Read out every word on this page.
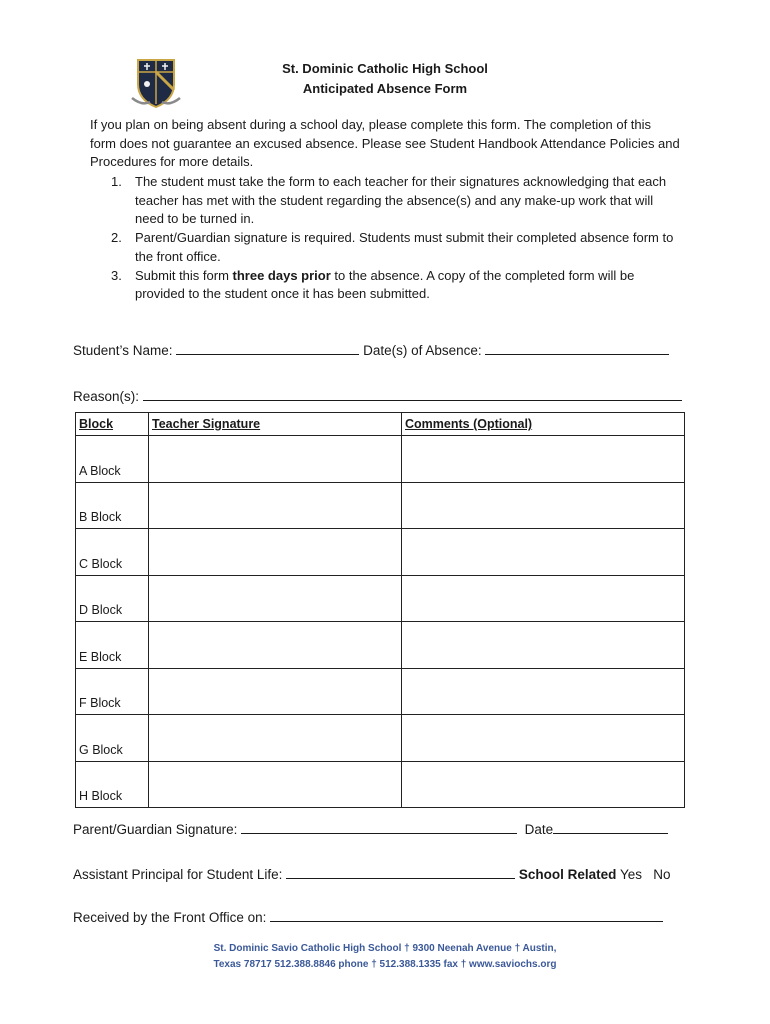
St. Dominic Catholic High School
Anticipated Absence Form

If you plan on being absent during a school day, please complete this form. The completion of this form does not guarantee an excused absence. Please see Student Handbook Attendance Policies and Procedures for more details.

1. The student must take the form to each teacher for their signatures acknowledging that each teacher has met with the student regarding the absence(s) and any make-up work that will need to be turned in.
2. Parent/Guardian signature is required. Students must submit their completed absence form to the front office.
3. Submit this form three days prior to the absence. A copy of the completed form will be provided to the student once it has been submitted.
Student’s Name:	Date(s) of Absence:
Reason(s):
Block	Teacher Signature	Comments (Optional)
A Block		
B Block		
C Block		
D Block		
E Block		
F Block		
G Block		
H Block		
Parent/Guardian Signature:	Date
Assistant Principal for Student Life:	School Related Yes No
Received by the Front Office on:
St. Dominic Savio Catholic High School † 9300 Neenah Avenue † Austin,
Texas 78717 512.388.8846 phone † 512.388.1335 fax † www.saviochs.org
